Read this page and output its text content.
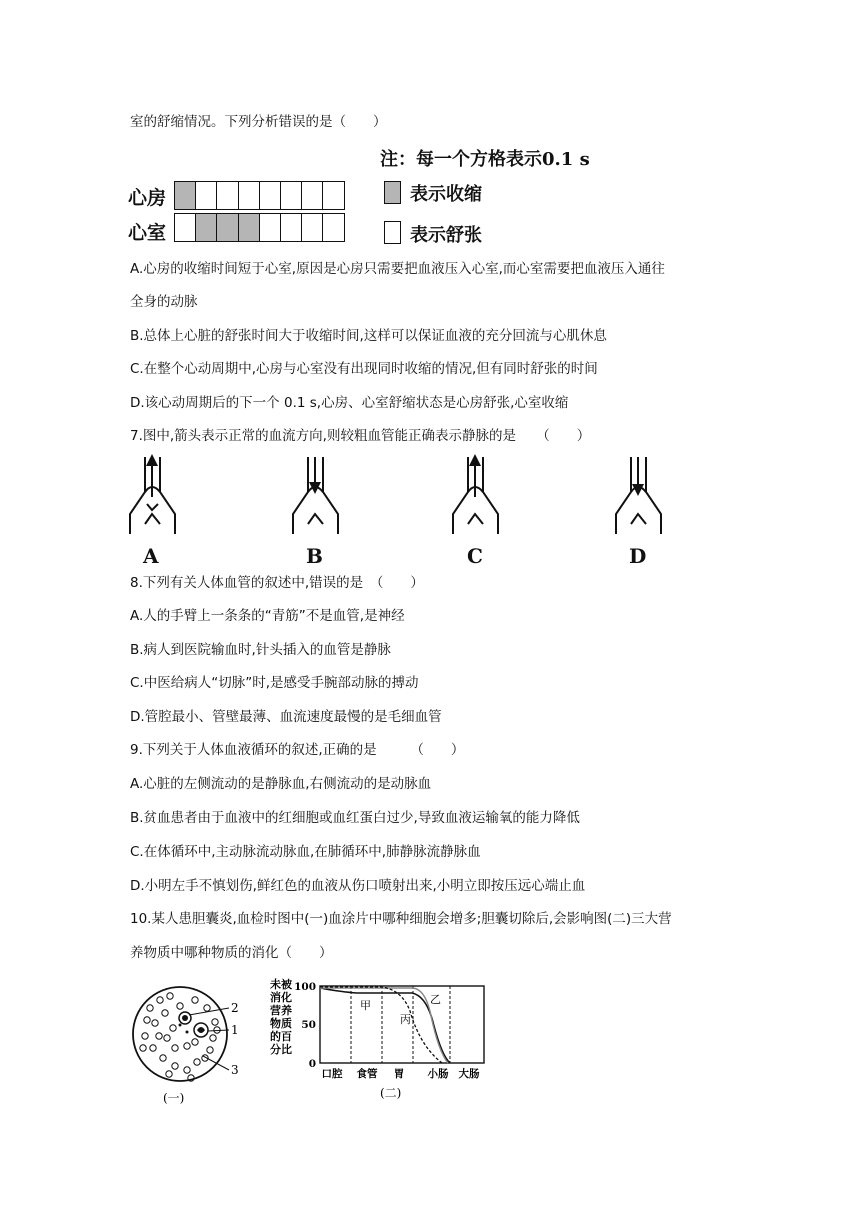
室的舒缩情况。下列分析错误的是（　　）
注：每一个方格表示0.1 s
心房
心室
表示收缩
表示舒张
A.心房的收缩时间短于心室,原因是心房只需要把血液压入心室,而心室需要把血液压入通往
全身的动脉
B.总体上心脏的舒张时间大于收缩时间,这样可以保证血液的充分回流与心肌休息
C.在整个心动周期中,心房与心室没有出现同时收缩的情况,但有同时舒张的时间
D.该心动周期后的下一个 0.1 s,心房、心室舒缩状态是心房舒张,心室收缩
7.图中,箭头表示正常的血流方向,则较粗血管能正确表示静脉的是　　（　　）
A	B	C	D
8.下列有关人体血管的叙述中,错误的是　（　　）
A.人的手臂上一条条的“青筋”不是血管,是神经
B.病人到医院输血时,针头插入的血管是静脉
C.中医给病人“切脉”时,是感受手腕部动脉的搏动
D.管腔最小、管壁最薄、血流速度最慢的是毛细血管
9.下列关于人体血液循环的叙述,正确的是　　　（　　）
A.心脏的左侧流动的是静脉血,右侧流动的是动脉血
B.贫血患者由于血液中的红细胞或血红蛋白过少,导致血液运输氧的能力降低
C.在体循环中,主动脉流动脉血,在肺循环中,肺静脉流静脉血
D.小明左手不慎划伤,鲜红色的血液从伤口喷射出来,小明立即按压远心端止血
10.某人患胆囊炎,血检时图中(一)血涂片中哪种细胞会增多;胆囊切除后,会影响图(二)三大营
养物质中哪种物质的消化（　　）
2
1
3
(一)
未被
消化
营养
物质
的百
分比
100
50
0
甲	乙
丙
口腔 食管 胃 小肠 大肠
(二)
